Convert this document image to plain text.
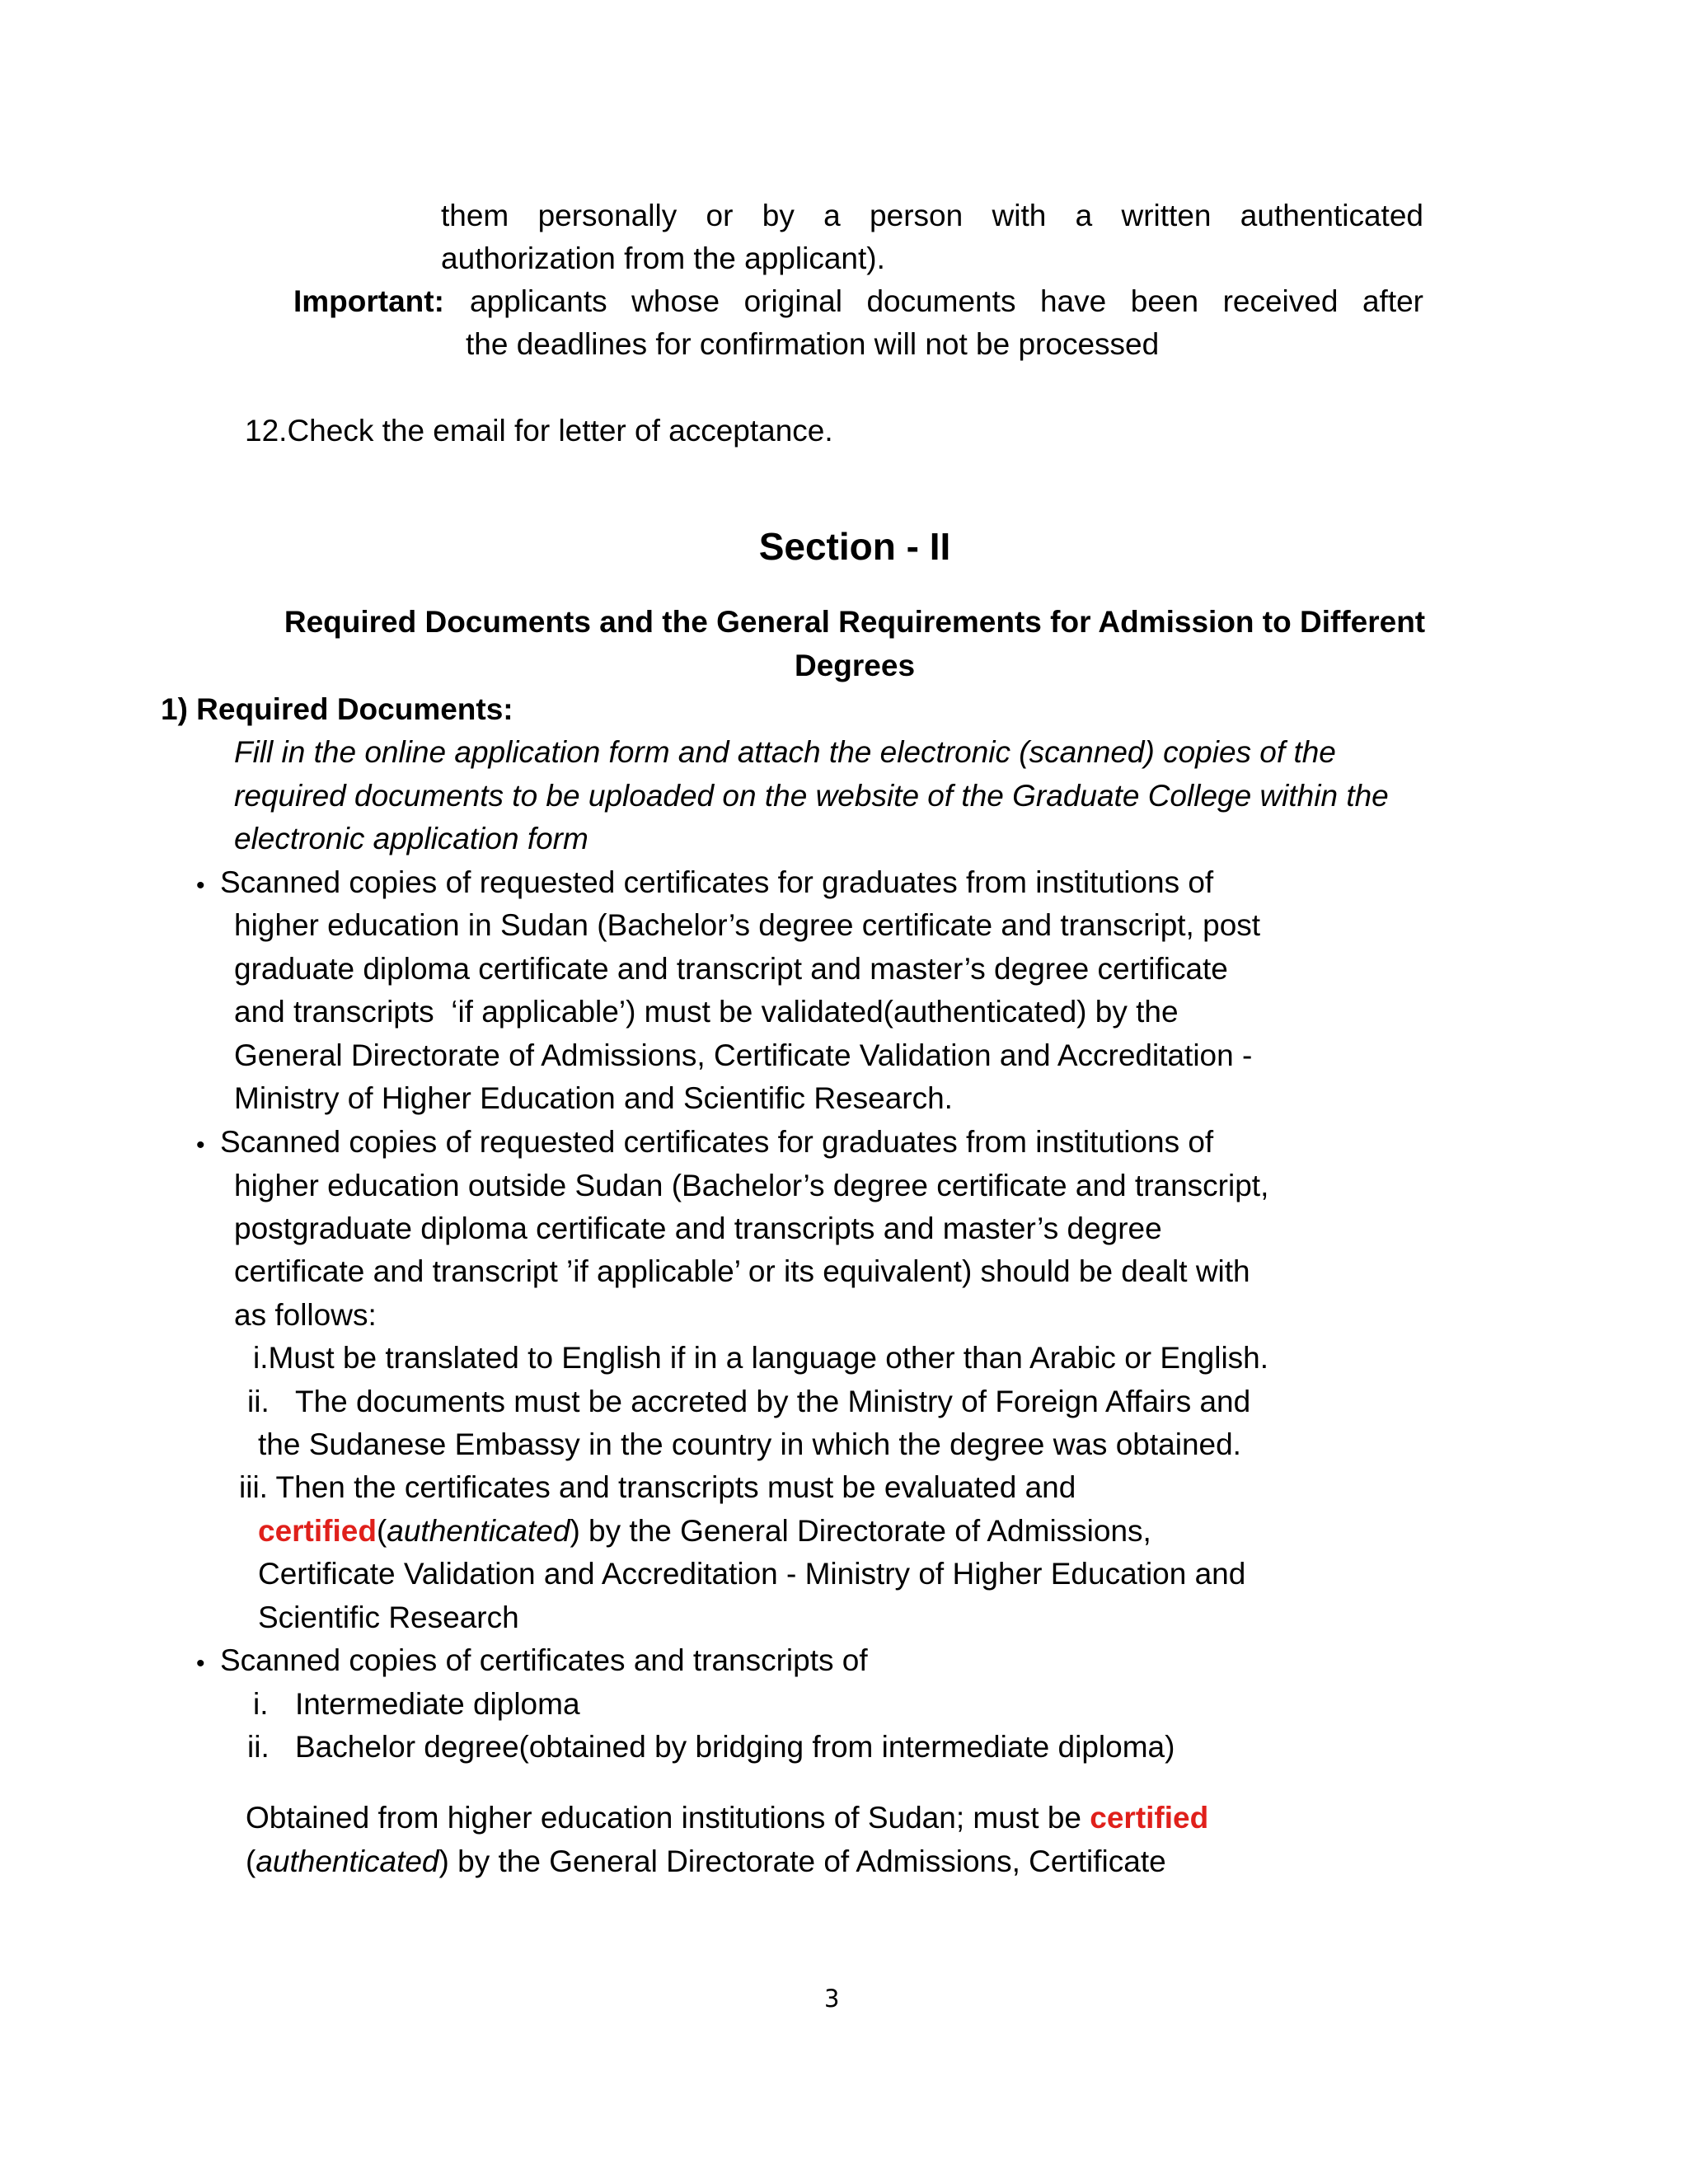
them personally or by a person with a written authenticated
authorization from the applicant).
Important: applicants whose original documents have been received after
the deadlines for confirmation will not be processed
12.Check the email for letter of acceptance.
Section - II
Required Documents and the General Requirements for Admission to Different
Degrees
1) Required Documents:
Fill in the online application form and attach the electronic (scanned) copies of the
required documents to be uploaded on the website of the Graduate College within the
electronic application form
• Scanned copies of requested certificates for graduates from institutions of
higher education in Sudan (Bachelor’s degree certificate and transcript, post
graduate diploma certificate and transcript and master’s degree certificate
and transcripts  ‘if applicable’) must be validated(authenticated) by the
General Directorate of Admissions, Certificate Validation and Accreditation -
Ministry of Higher Education and Scientific Research.
• Scanned copies of requested certificates for graduates from institutions of
higher education outside Sudan (Bachelor’s degree certificate and transcript,
postgraduate diploma certificate and transcripts and master’s degree
certificate and transcript ’if applicable’ or its equivalent) should be dealt with
as follows:
i.Must be translated to English if in a language other than Arabic or English.
ii. The documents must be accreted by the Ministry of Foreign Affairs and
the Sudanese Embassy in the country in which the degree was obtained.
iii. Then the certificates and transcripts must be evaluated and
certified(authenticated) by the General Directorate of Admissions,
Certificate Validation and Accreditation - Ministry of Higher Education and
Scientific Research
• Scanned copies of certificates and transcripts of
i. Intermediate diploma
ii. Bachelor degree(obtained by bridging from intermediate diploma)
Obtained from higher education institutions of Sudan; must be certified
(authenticated) by the General Directorate of Admissions, Certificate
3
